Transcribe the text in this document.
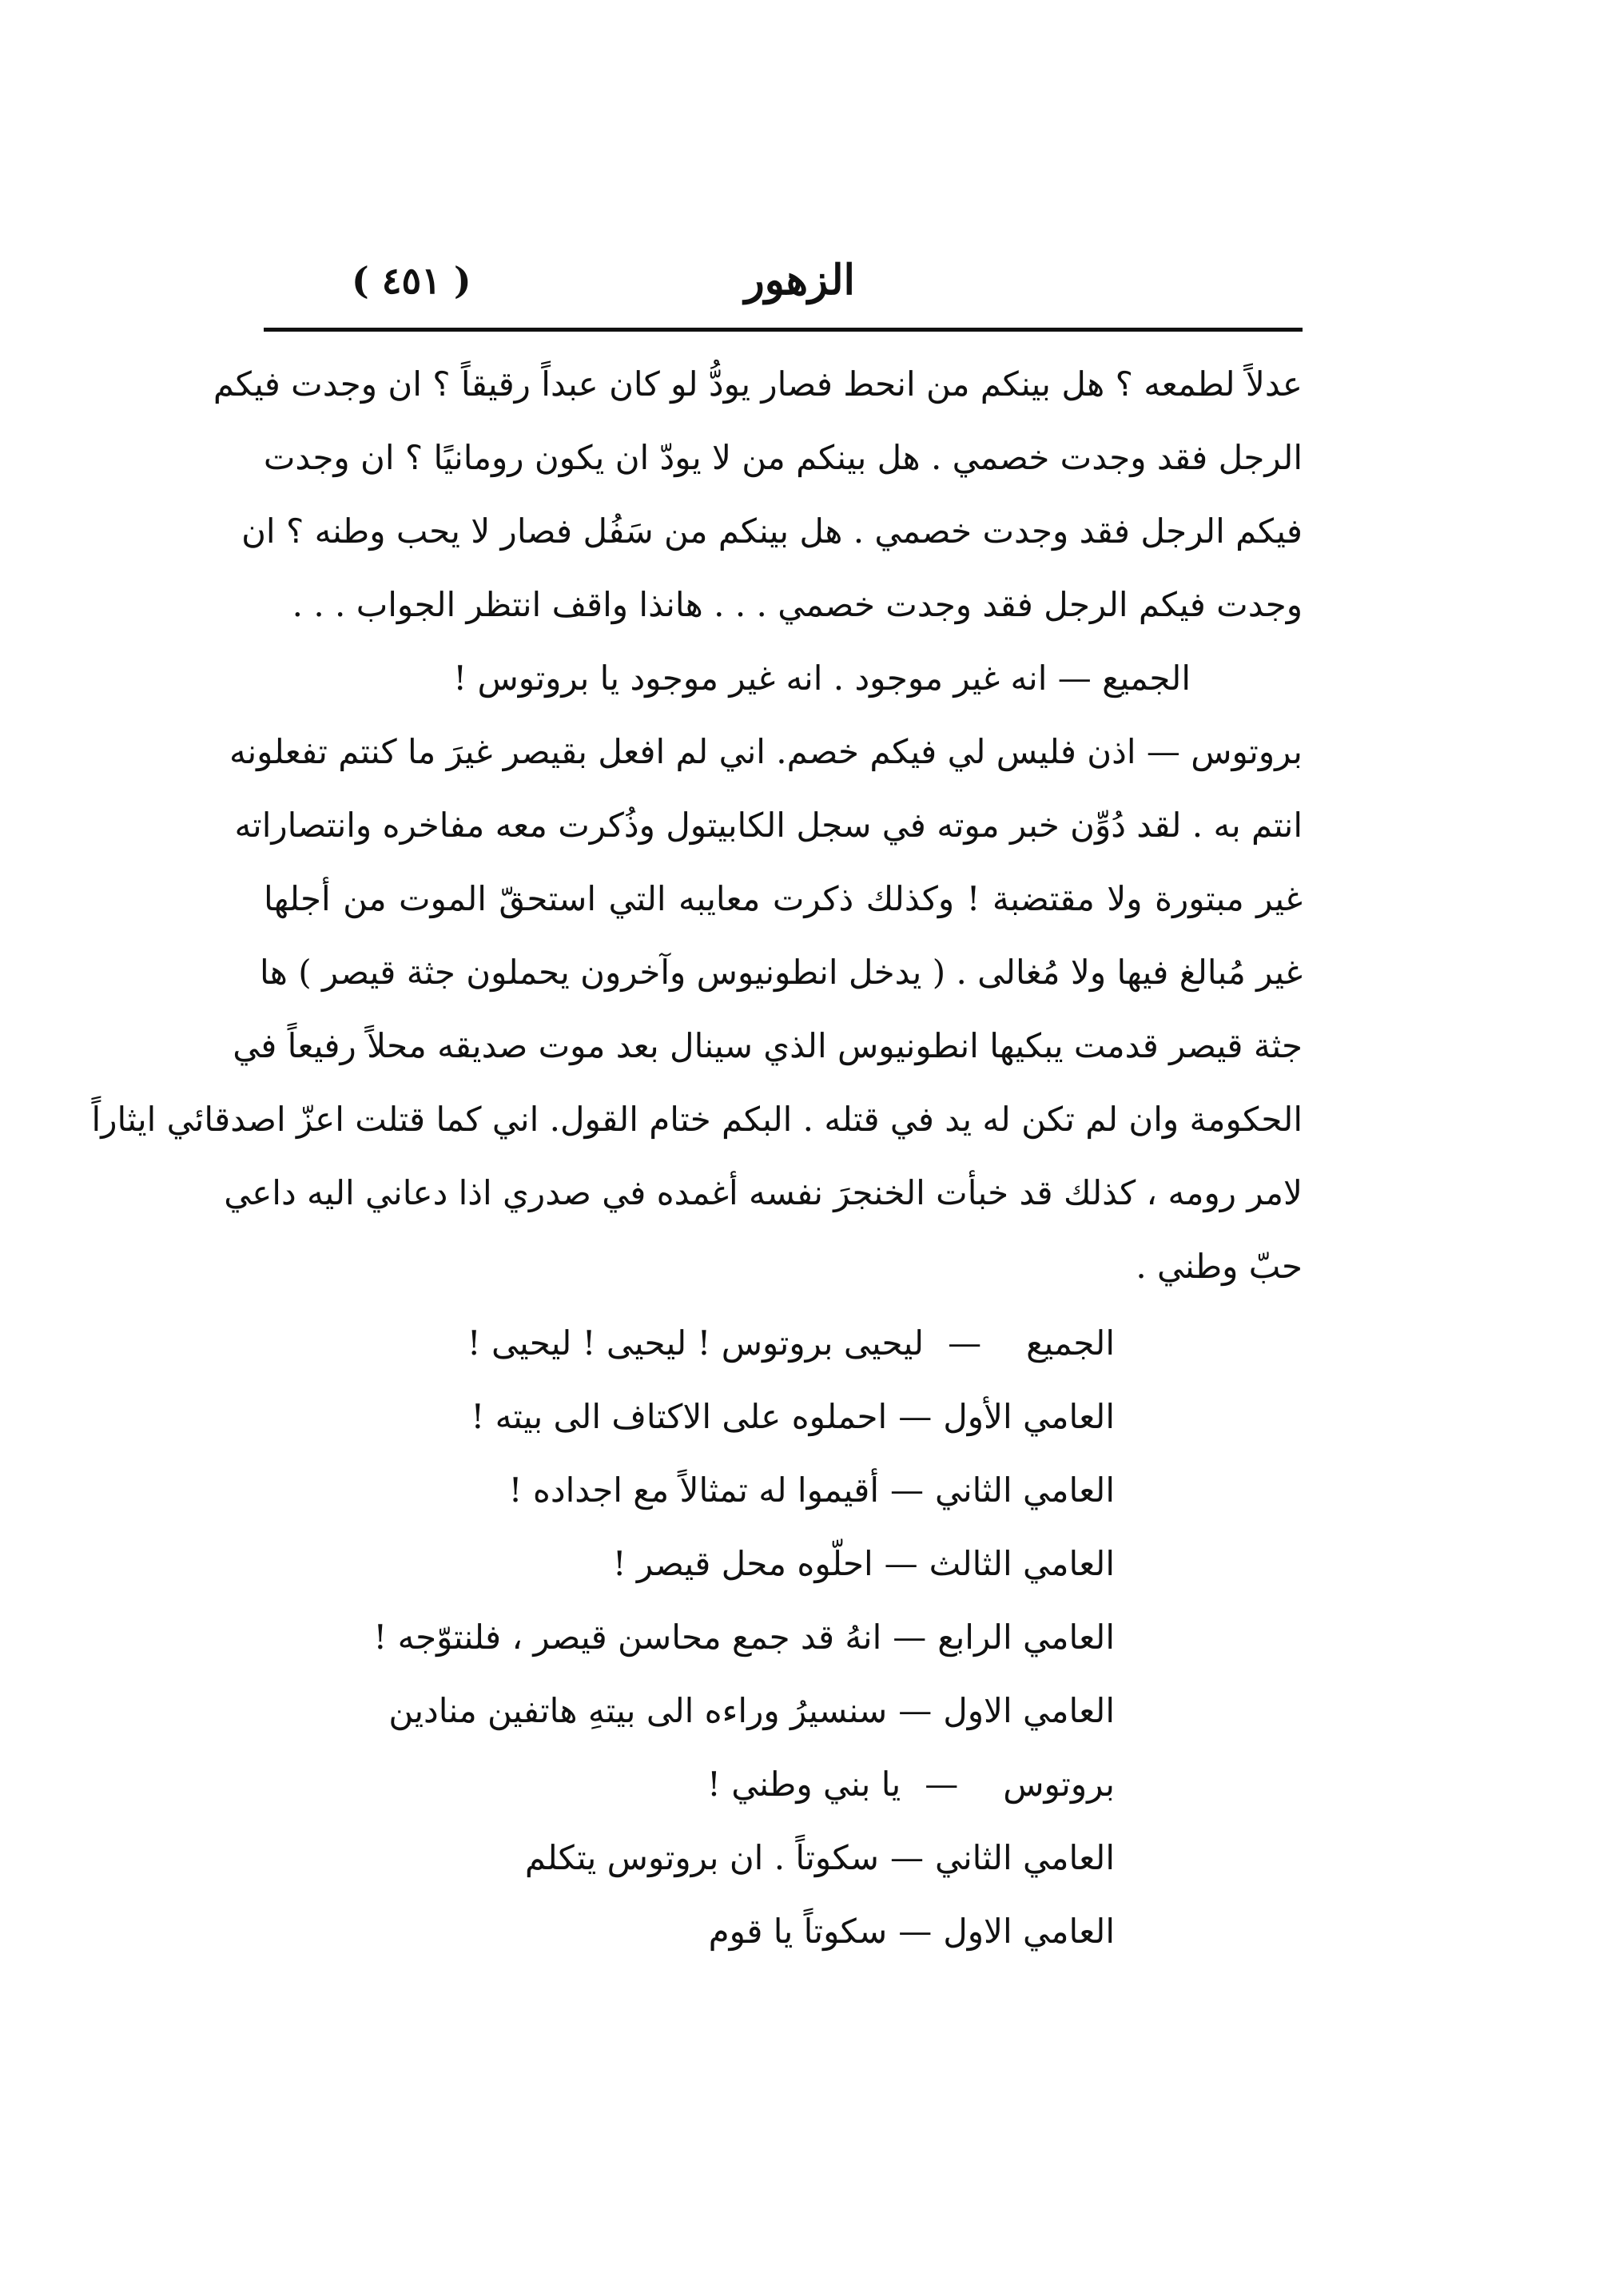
الزهور
( ٤٥١ )
عدلاً لطمعه ؟ هل بينكم من انحط فصار يودُّ لو كان عبداً رقيقاً ؟ ان وجدت فيكم
الرجل فقد وجدت خصمي . هل بينكم من لا يودّ ان يكون رومانيًا ؟ ان وجدت
فيكم الرجل فقد وجدت خصمي . هل بينكم من سَفُل فصار لا يحب وطنه ؟ ان
وجدت فيكم الرجل فقد وجدت خصمي . . . هانذا واقف انتظر الجواب . . .
الجميع — انه غير موجود . انه غير موجود يا بروتوس !
بروتوس — اذن فليس لي فيكم خصم. اني لم افعل بقيصر غيرَ ما كنتم تفعلونه
انتم به . لقد دُوِّن خبر موته في سجل الكابيتول وذُكرت معه مفاخره وانتصاراته
غير مبتورة ولا مقتضبة ! وكذلك ذكرت معايبه التي استحقّ الموت من أجلها
غير مُبالغ فيها ولا مُغالى . ( يدخل انطونيوس وآخرون يحملون جثة قيصر ) ها
جثة قيصر قدمت يبكيها انطونيوس الذي سينال بعد موت صديقه محلاً رفيعاً في
الحكومة وان لم تكن له يد في قتله . البكم ختام القول. اني كما قتلت اعزّ اصدقائي ايثاراً
لامر رومه ، كذلك قد خبأت الخنجرَ نفسه أغمده في صدري اذا دعاني اليه داعي
حبّ وطني .
الجميع—ليحيى بروتوس ! ليحيى ! ليحيى !
العامي الأول—احملوه على الاكتاف الى بيته !
العامي الثاني—أقيموا له تمثالاً مع اجداده !
العامي الثالث—احلّوه محل قيصر !
العامي الرابع—انهُ قد جمع محاسن قيصر ، فلنتوّجه !
العامي الاول—سنسيرُ وراءه الى بيتهِ هاتفين منادين
بروتوس—يا بني وطني !
العامي الثاني—سكوتاً . ان بروتوس يتكلم
العامي الاول—سكوتاً يا قوم
